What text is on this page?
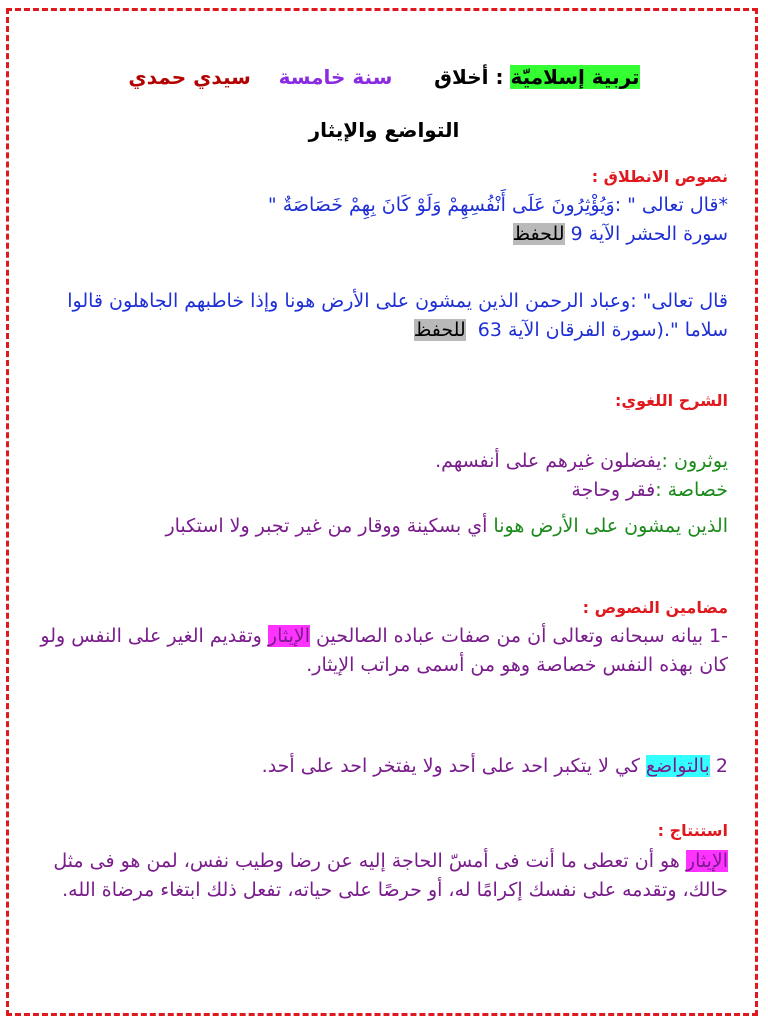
تربية إسلاميّة : أخلاق      سنة خامسة    سيدي حمدي
التواضع والإيثار
نصوص الانطلاق :
*قال تعالى " :وَيُؤْثِرُونَ عَلَى أَنْفُسِهِمْ وَلَوْ كَانَ بِهِمْ خَصَاصَةٌ "
سورة الحشر الآية 9 للحفظ
قال تعالى" :وعباد الرحمن الذين يمشون على الأرض هونا وإذا خاطبهم الجاهلون قالوا سلاما ".(سورة الفرقان الآية 63  للحفظ
الشرح اللغوي:
يوثرون :يفضلون غيرهم على أنفسهم.
خصاصة :فقر وحاجة
الذين يمشون على الأرض هونا أي بسكينة ووقار من غير تجبر ولا استكبار
مضامين النصوص :
-1 بيانه سبحانه وتعالى أن من صفات عباده الصالحين الإيثار وتقديم الغير على النفس ولو كان بهذه النفس خصاصة وهو من أسمى مراتب الإيثار.
2 بالتواضع كي لا يتكبر احد على أحد ولا يفتخر احد على أحد.
استنتاج :
الإيثار هو أن تعطى ما أنت فى أمسّ الحاجة إليه عن رضا وطيب نفس، لمن هو فى مثل حالك، وتقدمه على نفسك إكرامًا له، أو حرصًا على حياته، تفعل ذلك ابتغاء مرضاة الله.
